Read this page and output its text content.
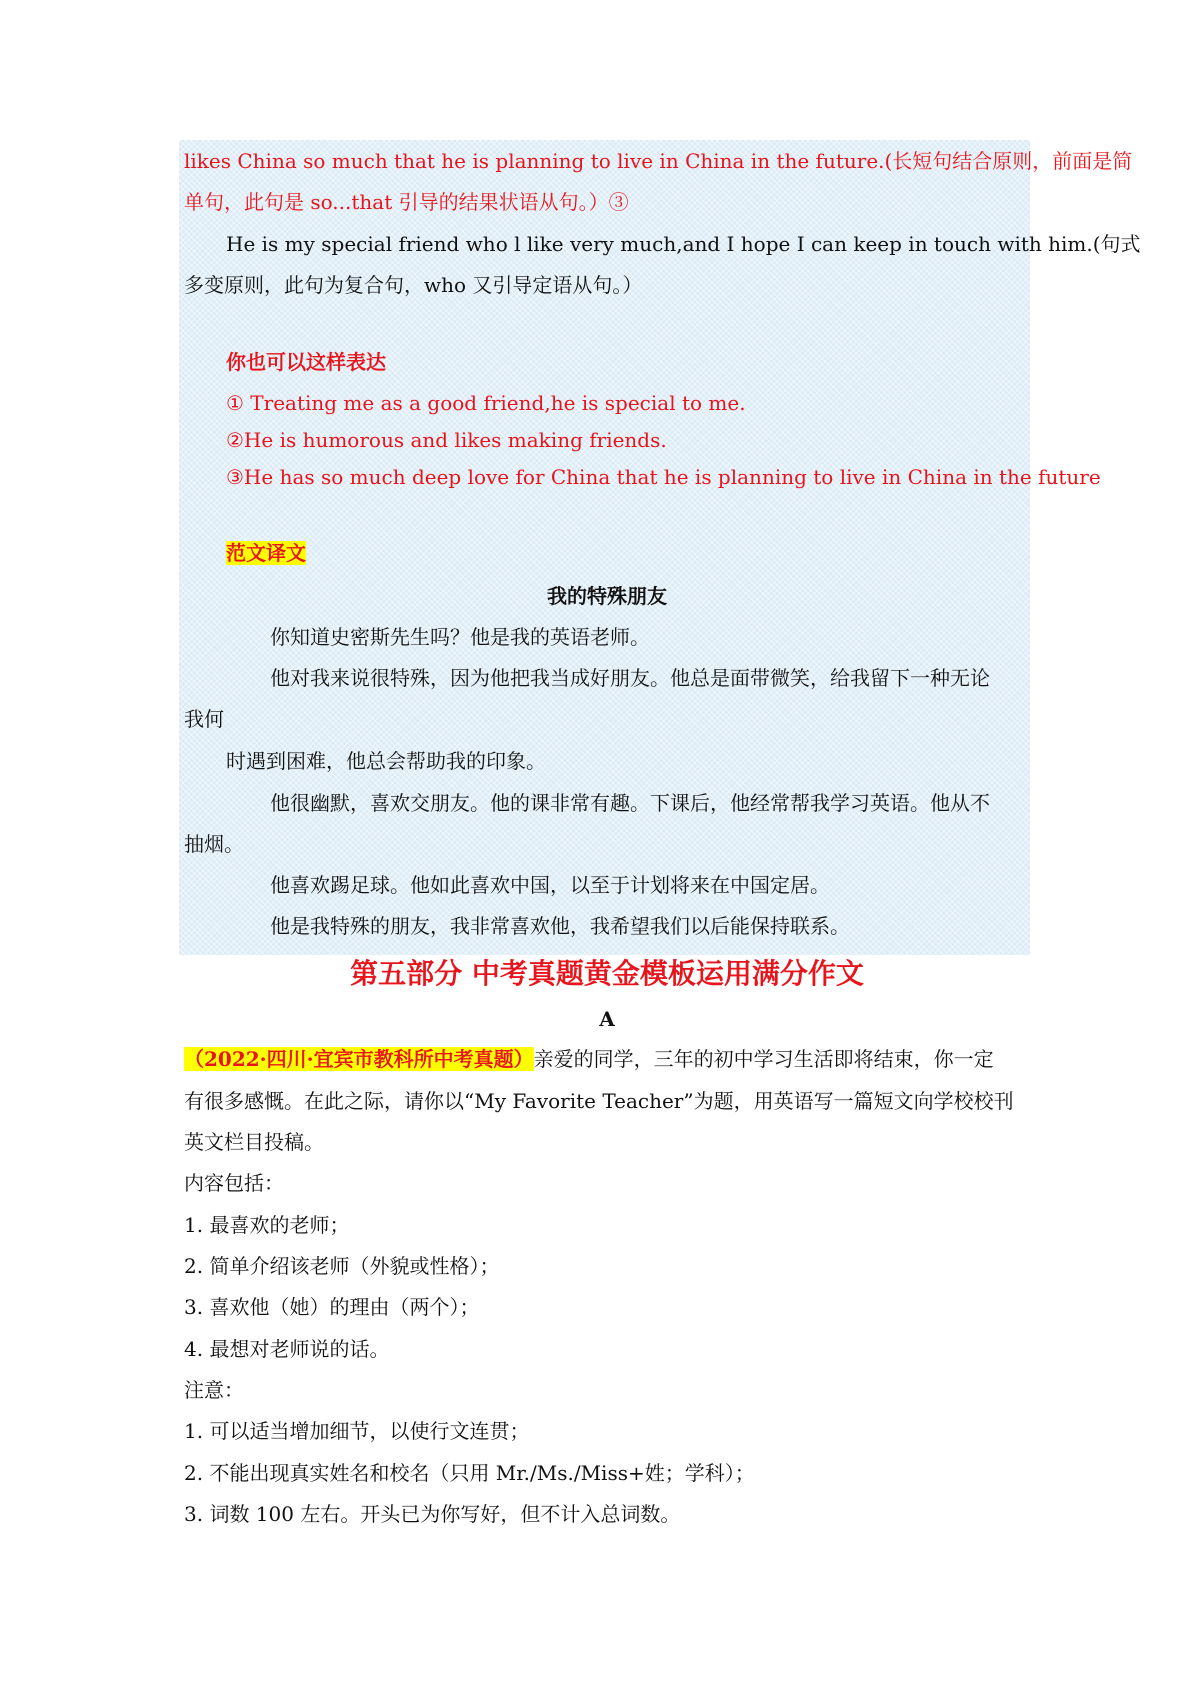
likes China so much that he is planning to live in China in the future.(长短句结合原则，前面是简
单句，此句是 so...that 引导的结果状语从句。）③
He is my special friend who l like very much,and I hope I can keep in touch with him.(句式
多变原则，此句为复合句，who 又引导定语从句。）
你也可以这样表达
① Treating me as a good friend,he is special to me.
②He is humorous and likes making friends.
③He has so much deep love for China that he is planning to live in China in the future
范文译文
我的特殊朋友
你知道史密斯先生吗？他是我的英语老师。
他对我来说很特殊，因为他把我当成好朋友。他总是面带微笑，给我留下一种无论
我何
时遇到困难，他总会帮助我的印象。
他很幽默，喜欢交朋友。他的课非常有趣。下课后，他经常帮我学习英语。他从不
抽烟。
他喜欢踢足球。他如此喜欢中国，以至于计划将来在中国定居。
他是我特殊的朋友，我非常喜欢他，我希望我们以后能保持联系。
第五部分 中考真题黄金模板运用满分作文
A
（2022·四川·宜宾市教科所中考真题）亲爱的同学，三年的初中学习生活即将结束，你一定
有很多感慨。在此之际，请你以“My Favorite Teacher”为题，用英语写一篇短文向学校校刊
英文栏目投稿。
内容包括：
1. 最喜欢的老师；
2. 简单介绍该老师（外貌或性格）；
3. 喜欢他（她）的理由（两个）；
4. 最想对老师说的话。
注意：
1. 可以适当增加细节，以使行文连贯；
2. 不能出现真实姓名和校名（只用 Mr./Ms./Miss+姓；学科）；
3. 词数 100 左右。开头已为你写好，但不计入总词数。
